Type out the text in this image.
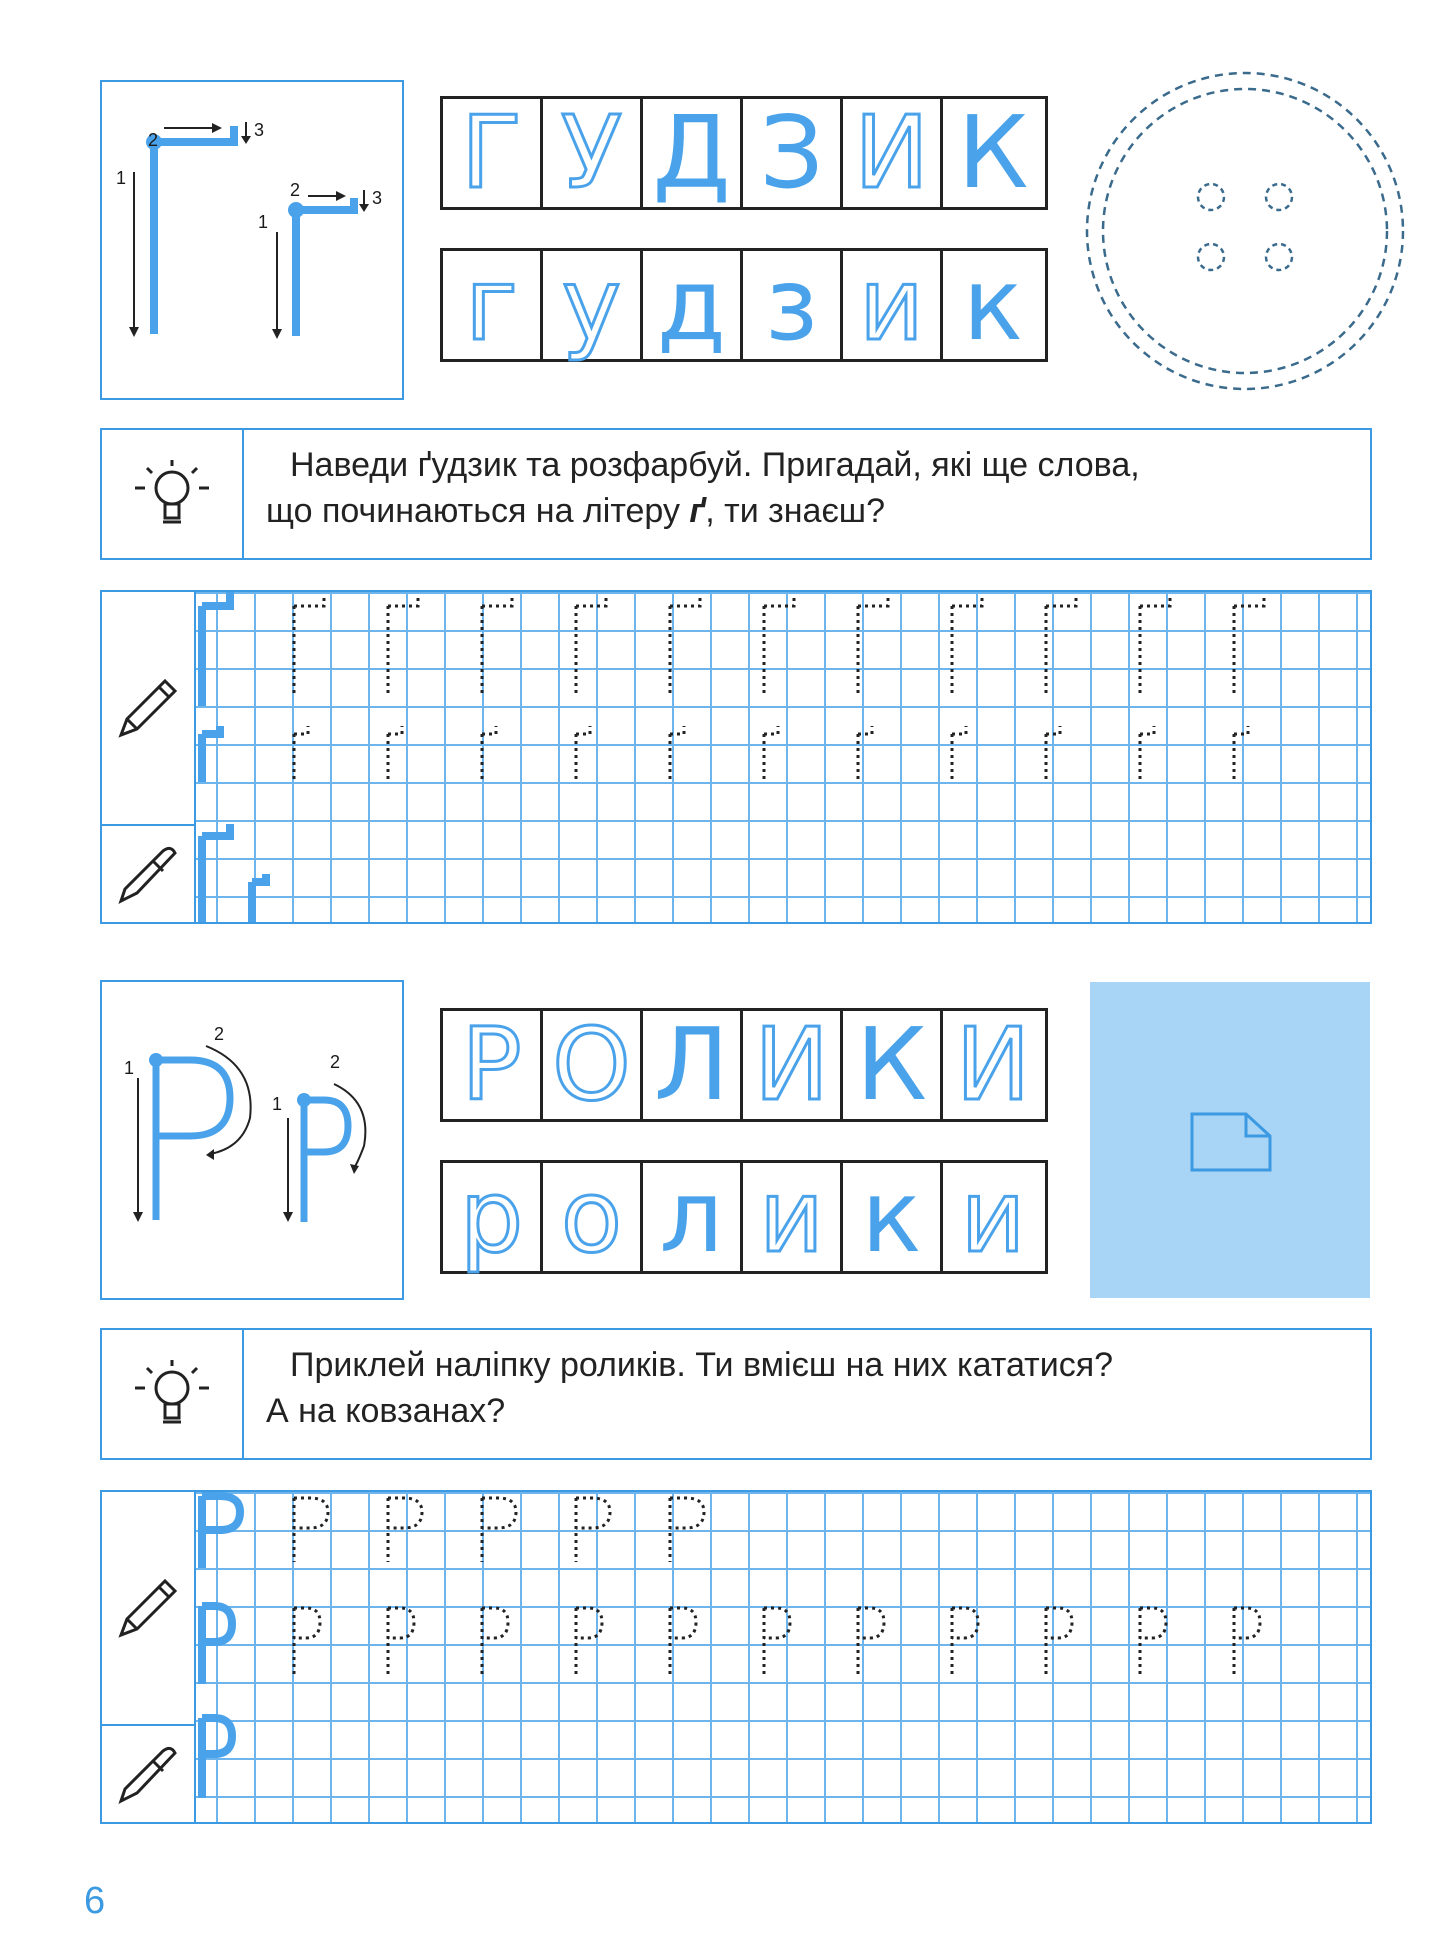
1
2	3
1
2	3 Г У Д З И К
г у д з и к
Наведи ґудзик та розфарбуй. Пригадай, які ще слова,
що починаються на літеру ґ, ти знаєш?
1
2
1
2 Р О Л И К И
р о л и к и
Приклей наліпку роликів. Ти вмієш на них кататися?
А на ковзанах?
6
